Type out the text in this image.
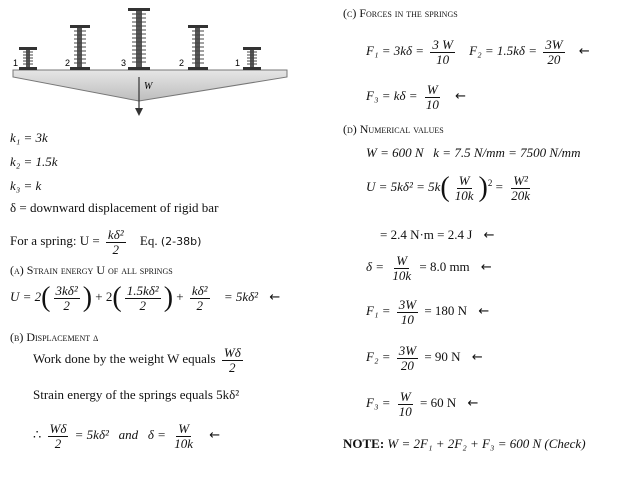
1	2	3	2	1
W
k₁ = 3k
k₂ = 1.5k
k₃ = k
δ = downward displacement of rigid bar
For a spring: $U = \frac{\text{kδ²}}{2} Eq$. (2-38b)
(a) Strain energy U of all springs
$U = 2( \frac{\text{3kδ²}}{2}$ ) + $2( \frac{\text{1.5kδ²}}{2}$ ) + $\frac{\text{kδ²}}{2} = 5k\delta^2$ ←
(b) Displacement δ
Work done by the weight W equals $\frac{W\delta}{2}$
Strain energy of the springs equals 5kδ²
∴ $\frac{W\delta}{2} = 5k\delta^2$   and   $\delta = \frac{W}{10k}$ ←
(c) Forces in the springs
$F_1 = 3k\delta = \frac{3 W}{10} F_2 = 1.5k\delta = \frac{3W}{20}$ ←
$F_3 = k\delta = \frac{W}{10}$ ←
(d) Numerical values
W = 600 N   k = 7.5 N/mm = 7500 N/mm
$U = 5k\delta^2 = 5k( \frac{W}{10k} )^2 = \frac{\text{W²}}{20k}$
= 2.4 N·m = 2.4 J ←
$\delta = \frac{W}{10k} = 8.0$ mm ←
$F_1 = \frac{3W}{10} = 180$ N ←
$F_2 = \frac{3W}{20} = 90$ N ←
$F_3 = \frac{W}{10} = 60$ N ←
NOTE: W = 2F₁ + 2F₂ + F₃ = 600 N (Check)
